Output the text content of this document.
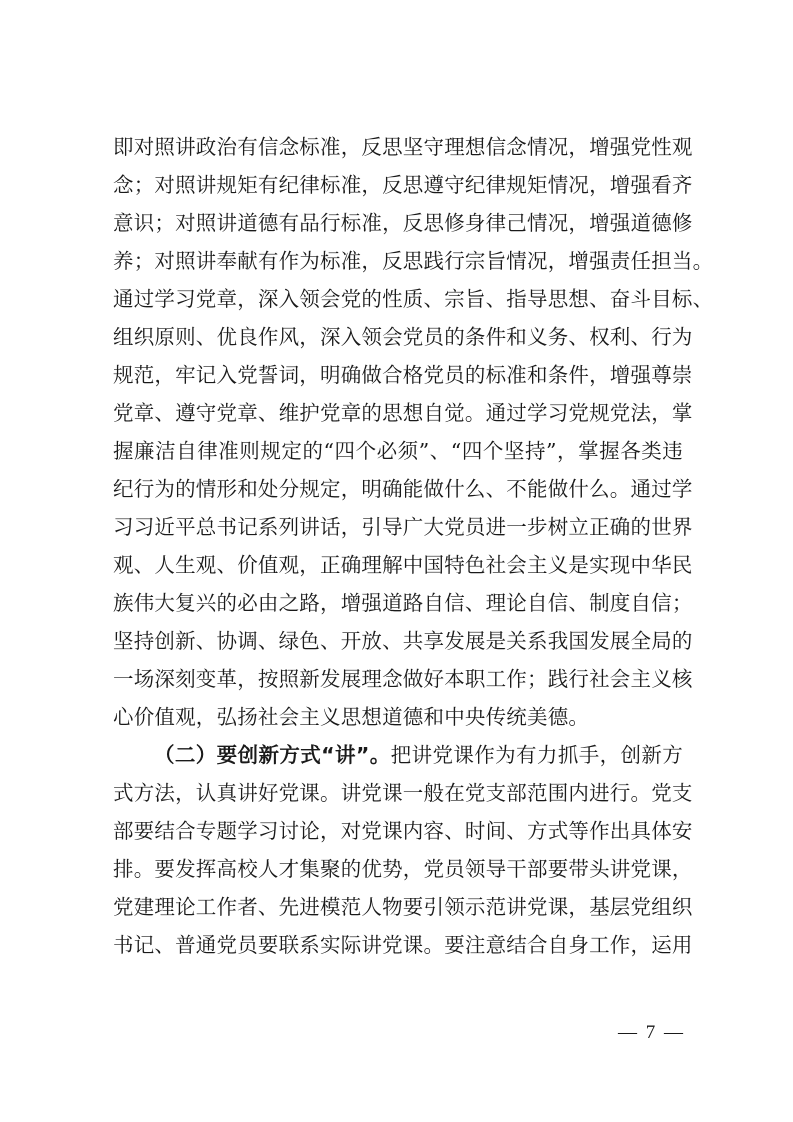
即对照讲政治有信念标准，反思坚守理想信念情况，增强党性观
念；对照讲规矩有纪律标准，反思遵守纪律规矩情况，增强看齐
意识；对照讲道德有品行标准，反思修身律己情况，增强道德修
养；对照讲奉献有作为标准，反思践行宗旨情况，增强责任担当。
通过学习党章，深入领会党的性质、宗旨、指导思想、奋斗目标、
组织原则、优良作风，深入领会党员的条件和义务、权利、行为
规范，牢记入党誓词，明确做合格党员的标准和条件，增强尊崇
党章、遵守党章、维护党章的思想自觉。通过学习党规党法，掌
握廉洁自律准则规定的“四个必须”、“四个坚持”，掌握各类违
纪行为的情形和处分规定，明确能做什么、不能做什么。通过学
习习近平总书记系列讲话，引导广大党员进一步树立正确的世界
观、人生观、价值观，正确理解中国特色社会主义是实现中华民
族伟大复兴的必由之路，增强道路自信、理论自信、制度自信；
坚持创新、协调、绿色、开放、共享发展是关系我国发展全局的
一场深刻变革，按照新发展理念做好本职工作；践行社会主义核
心价值观，弘扬社会主义思想道德和中央传统美德。
（二）要创新方式“讲”。把讲党课作为有力抓手，创新方
式方法，认真讲好党课。讲党课一般在党支部范围内进行。党支
部要结合专题学习讨论，对党课内容、时间、方式等作出具体安
排。要发挥高校人才集聚的优势，党员领导干部要带头讲党课，
党建理论工作者、先进模范人物要引领示范讲党课，基层党组织
书记、普通党员要联系实际讲党课。要注意结合自身工作，运用
— 7 —
